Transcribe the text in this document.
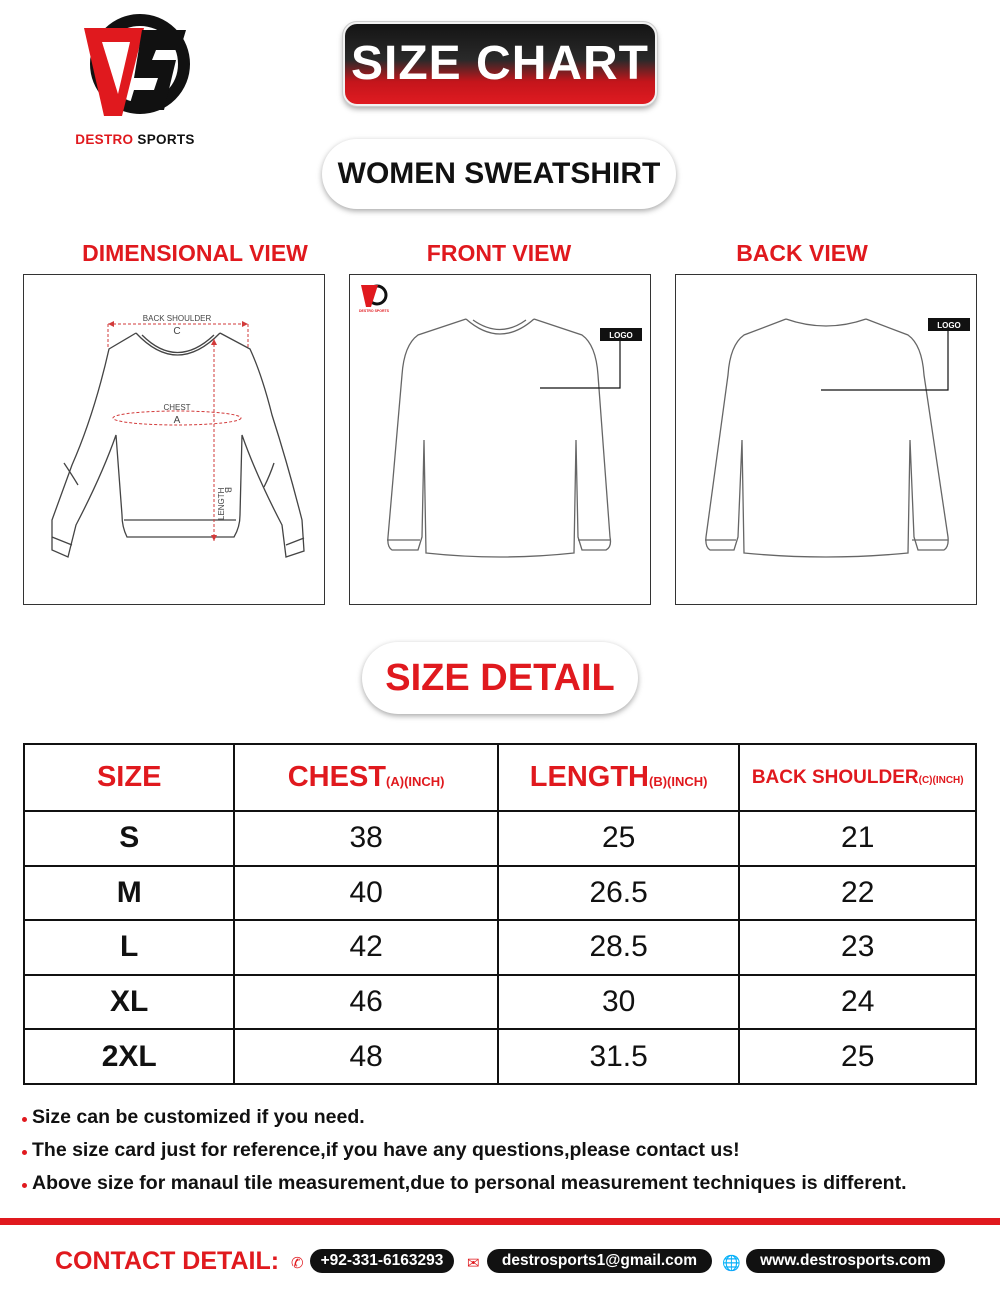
DESTRO SPORTS
SIZE CHART
WOMEN SWEATSHIRT
DIMENSIONAL VIEW	FRONT VIEW	BACK VIEW
BACK SHOULDER
C
CHEST
A
LENGTH
B
DESTRO SPORTS
LOGO
LOGO
SIZE DETAIL
SIZE	CHEST(A)(INCH)	LENGTH(B)(INCH)	BACK SHOULDER(C)(INCH)
S	38	25	21
M	40	26.5	22
L	42	28.5	23
XL	46	30	24
2XL	48	31.5	25
Size can be customized if you need.
The size card just for reference,if you have any questions,please contact us!
Above size for manaul tile measurement,due to personal measurement techniques is different.
CONTACT DETAIL: ✆	+92-331-6163293	✉	destrosports1@gmail.com	🌐	www.destrosports.com
